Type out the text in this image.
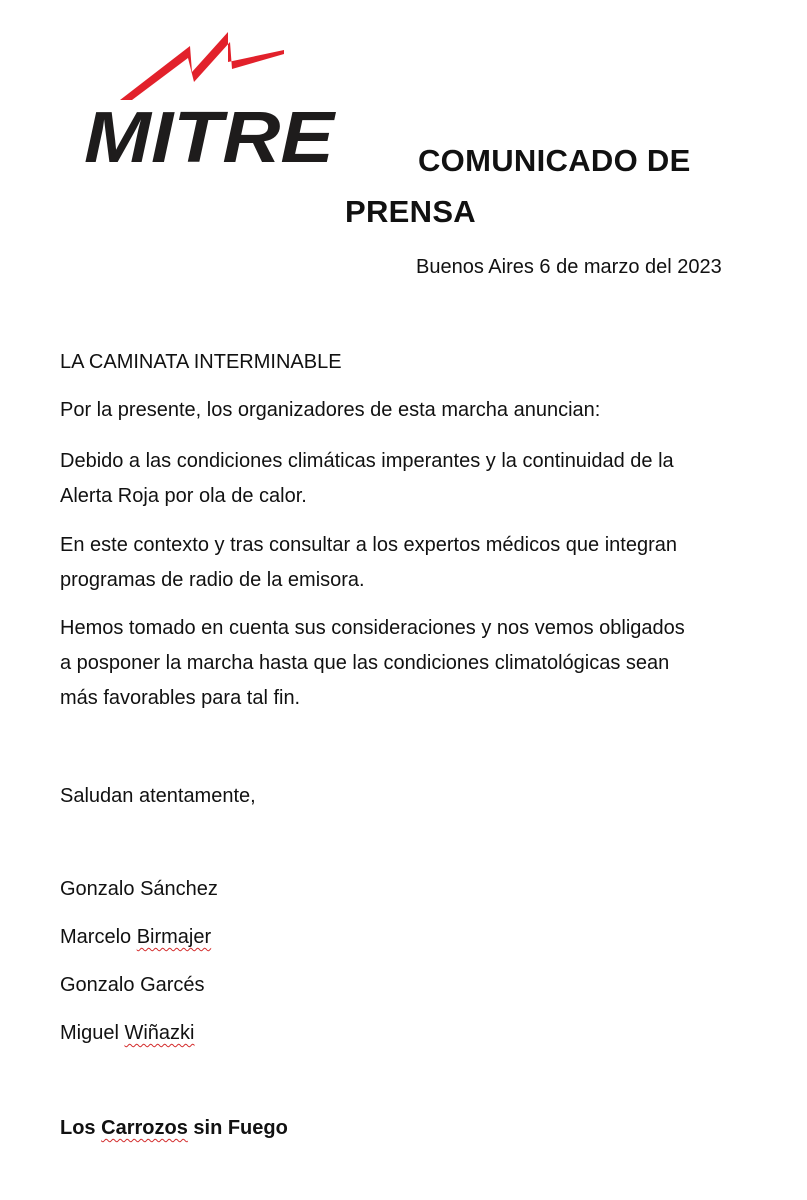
MITRE	COMUNICADO DE
PRENSA
Buenos Aires 6 de marzo del 2023
LA CAMINATA INTERMINABLE
Por la presente, los organizadores de esta marcha anuncian:
Debido a las condiciones climáticas imperantes y la continuidad de la
Alerta Roja por ola de calor.
En este contexto y tras consultar a los expertos médicos que integran
programas de radio de la emisora.
Hemos tomado en cuenta sus consideraciones y nos vemos obligados
a posponer la marcha hasta que las condiciones climatológicas sean
más favorables para tal fin.
Saludan atentamente,
Gonzalo Sánchez
Marcelo Birmajer
Gonzalo Garcés
Miguel Wiñazki
Los Carrozos sin Fuego
